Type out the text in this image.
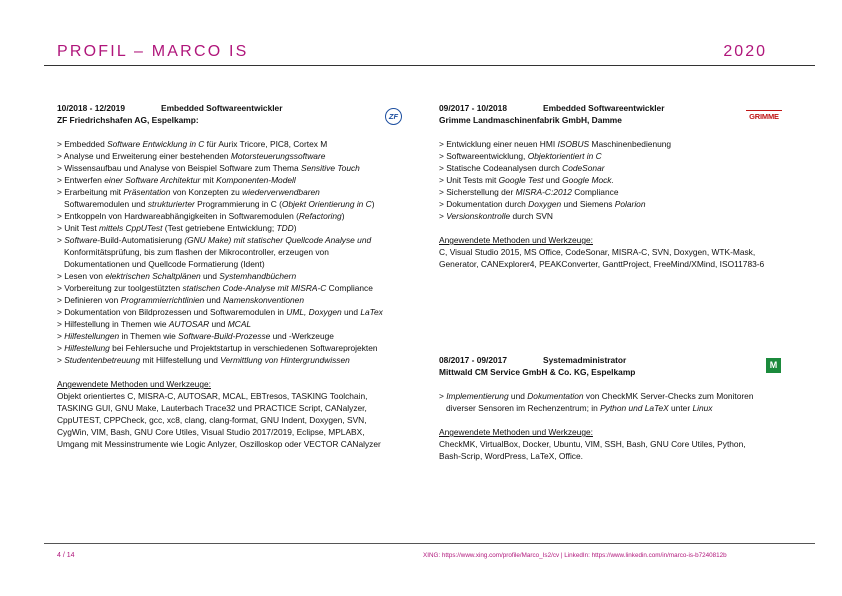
PROFIL – MARCO IS	2020
10/2018 - 12/2019	Embedded Softwareentwickler
ZF Friedrichshafen AG, Espelkamp:
> Embedded Software Entwicklung in C für Aurix Tricore, PIC8, Cortex M
> Analyse und Erweiterung einer bestehenden Motorsteuerungssoftware
> Wissensaufbau und Analyse von Beispiel Software zum Thema Sensitive Touch
> Entwerfen einer Software Architektur mit Komponenten-Modell
> Erarbeitung mit Präsentation von Konzepten zu wiederverwendbaren
Softwaremodulen und strukturierter Programmierung in C (Objekt Orientierung in C)
> Entkoppeln von Hardwareabhängigkeiten in Softwaremodulen (Refactoring)
> Unit Test mittels CppUTest (Test getriebene Entwicklung; TDD)
> Software-Build-Automatisierung (GNU Make) mit statischer Quellcode Analyse und
Konformitätsprüfung, bis zum flashen der Mikrocontroller, erzeugen von
Dokumentationen und Quellcode Formatierung (Ident)
> Lesen von elektrischen Schaltplänen und Systemhandbüchern
> Vorbereitung zur toolgestützten statischen Code-Analyse mit MISRA-C Compliance
> Definieren von Programmierrichtlinien und Namenskonventionen
> Dokumentation von Bildprozessen und Softwaremodulen in UML, Doxygen und LaTex
> Hilfestellung in Themen wie AUTOSAR und MCAL
> Hilfestellungen in Themen wie Software-Build-Prozesse und -Werkzeuge
> Hilfestellung bei Fehlersuche und Projektstartup in verschiedenen Softwareprojekten
> Studentenbetreuung mit Hilfestellung und Vermittlung von Hintergrundwissen
Angewendete Methoden und Werkzeuge:
Objekt orientiertes C, MISRA-C, AUTOSAR, MCAL, EBTresos, TASKING Toolchain,
TASKING GUI, GNU Make, Lauterbach Trace32 und PRACTICE Script, CANalyzer,
CppUTEST, CPPCheck, gcc, xc8, clang, clang-format, GNU Indent, Doxygen, SVN,
CygWin, VIM, Bash, GNU Core Utiles, Visual Studio 2017/2019, Eclipse, MPLABX,
Umgang mit Messinstrumente wie Logic Anlyzer, Oszilloskop oder VECTOR CANalyzer
ZF
09/2017 - 10/2018	Embedded Softwareentwickler
Grimme Landmaschinenfabrik GmbH, Damme
> Entwicklung einer neuen HMI ISOBUS Maschinenbedienung
> Softwareentwicklung, Objektorientiert in C
> Statische Codeanalysen durch CodeSonar
> Unit Tests mit Google Test und Google Mock.
> Sicherstellung der MISRA-C:2012 Compliance
> Dokumentation durch Doxygen und Siemens Polarion
> Versionskontrolle durch SVN
Angewendete Methoden und Werkzeuge:
C, Visual Studio 2015, MS Office, CodeSonar, MISRA-C, SVN, Doxygen, WTK-Mask,
Generator, CANExplorer4, PEAKConverter, GanttProject, FreeMind/XMind, ISO11783-6
GRIMME
08/2017 - 09/2017	Systemadministrator
Mittwald CM Service GmbH & Co. KG, Espelkamp
> Implementierung und Dokumentation von CheckMK Server-Checks zum Monitoren
diverser Sensoren im Rechenzentrum; in Python und LaTeX unter Linux
Angewendete Methoden und Werkzeuge:
CheckMK, VirtualBox, Docker, Ubuntu, VIM, SSH, Bash, GNU Core Utiles, Python,
Bash-Scrip, WordPress, LaTeX, Office.
M
4 / 14	XING: https://www.xing.com/profile/Marco_Is2/cv | LinkedIn: https://www.linkedin.com/in/marco-is-b7240812b
